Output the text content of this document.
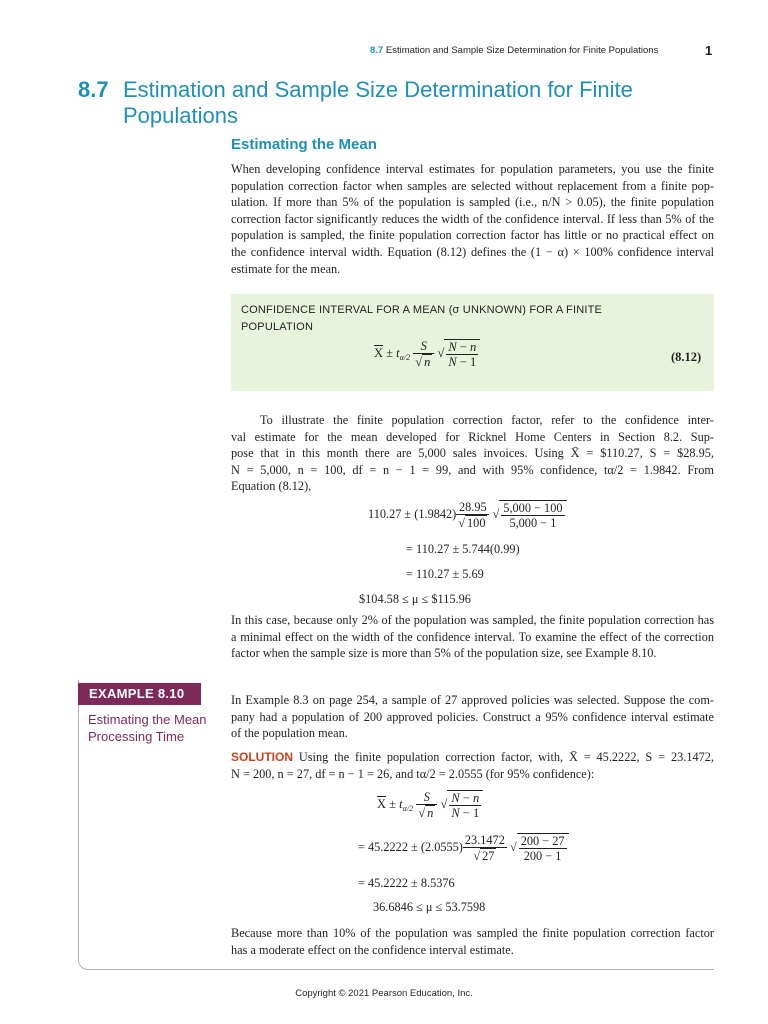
8.7 Estimation and Sample Size Determination for Finite Populations	1
8.7 Estimation and Sample Size Determination for Finite Populations
Estimating the Mean
When developing confidence interval estimates for population parameters, you use the finite
population correction factor when samples are selected without replacement from a finite pop-
ulation. If more than 5% of the population is sampled (i.e., n/N > 0.05), the finite population
correction factor significantly reduces the width of the confidence interval. If less than 5% of the
population is sampled, the finite population correction factor has little or no practical effect on
the confidence interval width. Equation (8.12) defines the (1 − α) × 100% confidence interval
estimate for the mean.
CONFIDENCE INTERVAL FOR A MEAN (σ UNKNOWN) FOR A FINITE
POPULATION
$\overline{X} \pm t_{\alpha/2} \frac{S}{√ n}$ √ $\frac{N - n}{N - 1}$	(8.12)
To illustrate the finite population correction factor, refer to the confidence inter-
val estimate for the mean developed for Ricknel Home Centers in Section 8.2. Sup-
pose that in this month there are 5,000 sales invoices. Using X̄ = $110.27, S = $28.95,
N = 5,000, n = 100, df = n − 1 = 99, and with 95% confidence, tα/2 = 1.9842. From
Equation (8.12),
$110.27 \pm (1.9842) \frac{28.95}{√ 100}$ √ $\frac{5,000 - 100}{5,000 - 1}$
= 110.27 ± 5.744(0.99)
= 110.27 ± 5.69
$104.58 ≤ μ ≤ $115.96
In this case, because only 2% of the population was sampled, the finite population correction has
a minimal effect on the width of the confidence interval. To examine the effect of the correction
factor when the sample size is more than 5% of the population size, see Example 8.10.
EXAMPLE 8.10
Estimating the Mean Processing Time
In Example 8.3 on page 254, a sample of 27 approved policies was selected. Suppose the com-
pany had a population of 200 approved policies. Construct a 95% confidence interval estimate
of the population mean.
SOLUTION Using the finite population correction factor, with, X̄ = 45.2222, S = 23.1472,
N = 200, n = 27, df = n − 1 = 26, and tα/2 = 2.0555 (for 95% confidence):
$\overline{X} \pm t_{\alpha/2} \frac{S}{√ n}$ √ $\frac{N - n}{N - 1}$
= $45.2222 \pm (2.0555) \frac{23.1472}{√ 27}$ √ $\frac{200 - 27}{200 - 1}$
= 45.2222 ± 8.5376
36.6846 ≤ μ ≤ 53.7598
Because more than 10% of the population was sampled the finite population correction factor
has a moderate effect on the confidence interval estimate.
Copyright © 2021 Pearson Education, Inc.
